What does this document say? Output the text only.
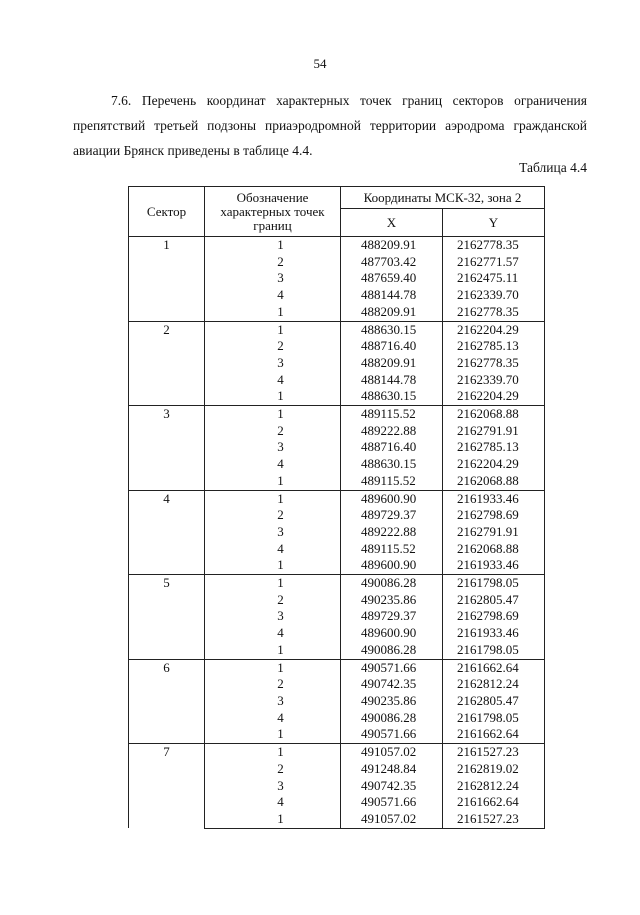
54
7.6. Перечень координат характерных точек границ секторов ограничения
препятствий третьей подзоны приаэродромной территории аэродрома гражданской
авиации Брянск приведены в таблице 4.4.
Таблица 4.4
Сектор	Обозначение характерных точек границ	Координаты МСК-32, зона 2	
		X	Y
1	1	488209.91	2162778.35
	2	487703.42	2162771.57
	3	487659.40	2162475.11
	4	488144.78	2162339.70
	1	488209.91	2162778.35
2	1	488630.15	2162204.29
	2	488716.40	2162785.13
	3	488209.91	2162778.35
	4	488144.78	2162339.70
	1	488630.15	2162204.29
3	1	489115.52	2162068.88
	2	489222.88	2162791.91
	3	488716.40	2162785.13
	4	488630.15	2162204.29
	1	489115.52	2162068.88
4	1	489600.90	2161933.46
	2	489729.37	2162798.69
	3	489222.88	2162791.91
	4	489115.52	2162068.88
	1	489600.90	2161933.46
5	1	490086.28	2161798.05
	2	490235.86	2162805.47
	3	489729.37	2162798.69
	4	489600.90	2161933.46
	1	490086.28	2161798.05
6	1	490571.66	2161662.64
	2	490742.35	2162812.24
	3	490235.86	2162805.47
	4	490086.28	2161798.05
	1	490571.66	2161662.64
7	1	491057.02	2161527.23
	2	491248.84	2162819.02
	3	490742.35	2162812.24
	4	490571.66	2161662.64
	1	491057.02	2161527.23
